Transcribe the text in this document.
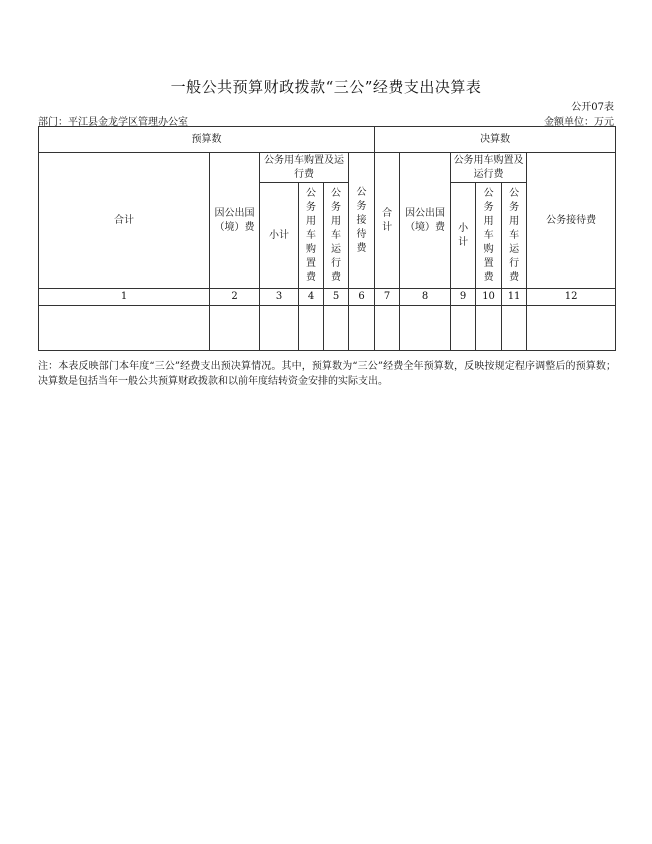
一般公共预算财政拨款“三公”经费支出决算表
公开07表
部门：平江县金龙学区管理办公室	金额单位：万元
预算数						决算数					
合计	因公出国（境）费	公务用车购置及运行费			公务接待费	合计	因公出国（境）费	公务用车购置及运行费			公务接待费
		小计	公务用车购置费	公务用车运行费				小计	公务用车购置费	公务用车运行费	

1	2	3	4	5	6	7	8	9	10	11	12

注：本表反映部门本年度“三公”经费支出预决算情况。其中，预算数为“三公”经费全年预算数，反映按规定程序调整后的预算数；决算数是包括当年一般公共预算财政拨款和以前年度结转资金安排的实际支出。
